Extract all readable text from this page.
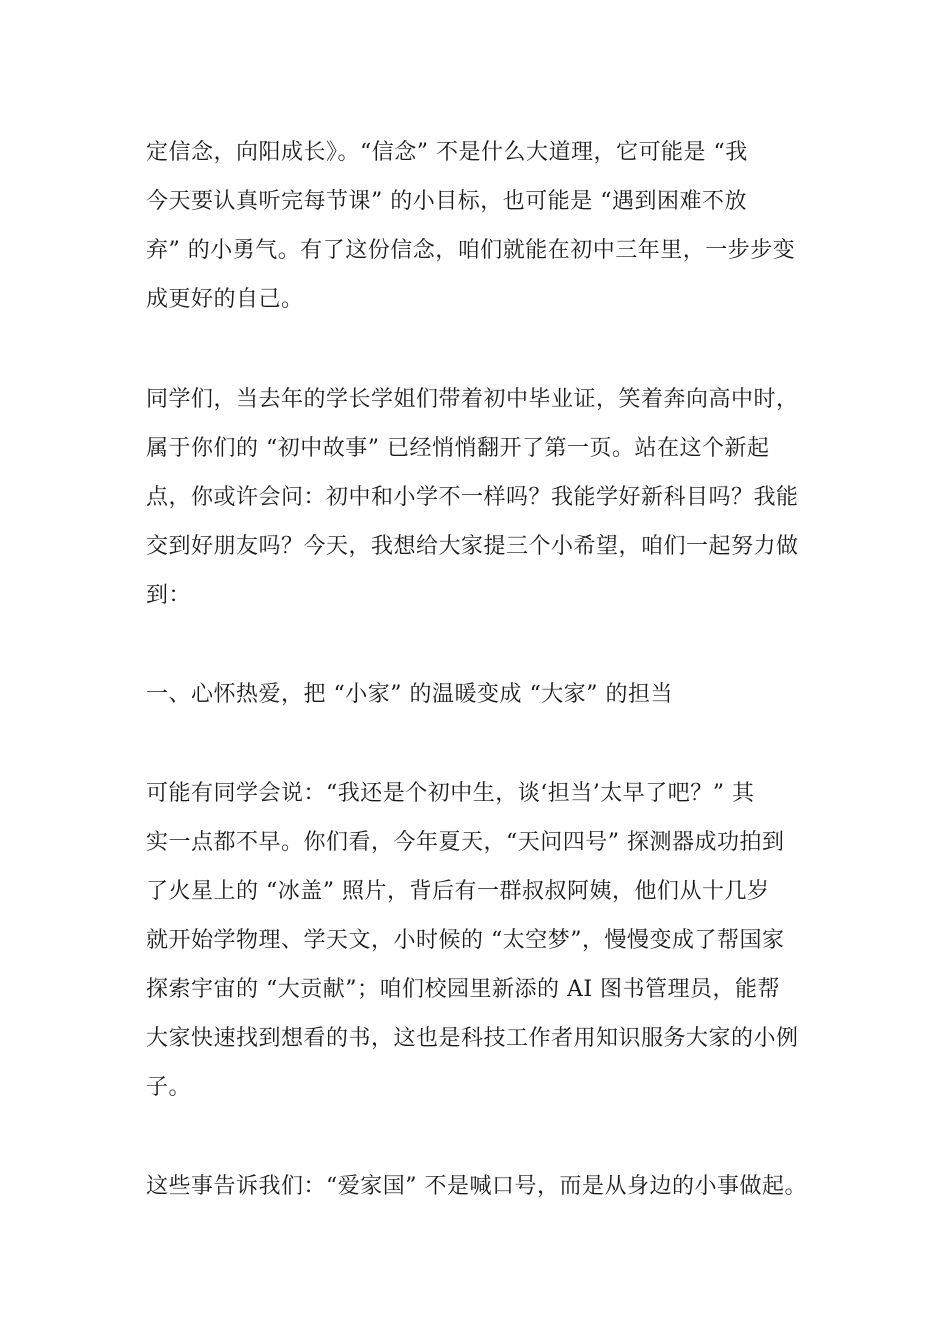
定信念，向阳成长》。“信念” 不是什么大道理，它可能是 “我
今天要认真听完每节课” 的小目标，也可能是 “遇到困难不放
弃” 的小勇气。有了这份信念，咱们就能在初中三年里，一步步变
成更好的自己。
同学们，当去年的学长学姐们带着初中毕业证，笑着奔向高中时，
属于你们的 “初中故事” 已经悄悄翻开了第一页。站在这个新起
点，你或许会问：初中和小学不一样吗？我能学好新科目吗？我能
交到好朋友吗？今天，我想给大家提三个小希望，咱们一起努力做
到：
一、心怀热爱，把 “小家” 的温暖变成 “大家” 的担当
可能有同学会说：“我还是个初中生，谈‘担当’太早了吧？” 其
实一点都不早。你们看，今年夏天，“天问四号” 探测器成功拍到
了火星上的 “冰盖” 照片，背后有一群叔叔阿姨，他们从十几岁
就开始学物理、学天文，小时候的 “太空梦”，慢慢变成了帮国家
探索宇宙的 “大贡献”；咱们校园里新添的 AI 图书管理员，能帮
大家快速找到想看的书，这也是科技工作者用知识服务大家的小例
子。
这些事告诉我们：“爱家国” 不是喊口号，而是从身边的小事做起。
